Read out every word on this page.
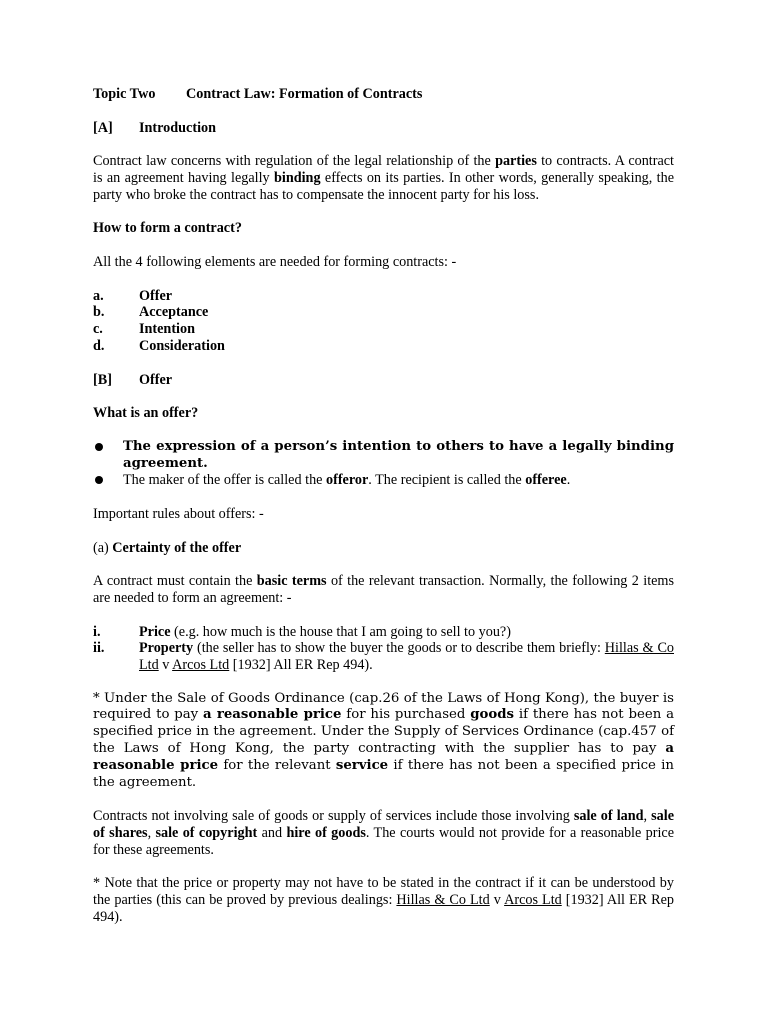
Topic Two Contract Law: Formation of Contracts

[A]	Introduction

Contract law concerns with regulation of the legal relationship of the parties to contracts. A contract is an agreement having legally binding effects on its parties. In other words, generally speaking, the party who broke the contract has to compensate the innocent party for his loss.

How to form a contract?

All the 4 following elements are needed for forming contracts: -

a.	Offer
b.	Acceptance
c.	Intention
d.	Consideration
[B]	Offer

What is an offer?

The expression of a person’s intention to others to have a legally binding agreement.
The maker of the offer is called the offeror. The recipient is called the offeree.

Important rules about offers: -

(a) Certainty of the offer

A contract must contain the basic terms of the relevant transaction. Normally, the following 2 items are needed to form an agreement: -

i.	Price (e.g. how much is the house that I am going to sell to you?)
ii.	Property (the seller has to show the buyer the goods or to describe them briefly: Hillas & Co Ltd v Arcos Ltd [1932] All ER Rep 494).

* Under the Sale of Goods Ordinance (cap.26 of the Laws of Hong Kong), the buyer is required to pay a reasonable price for his purchased goods if there has not been a specified price in the agreement. Under the Supply of Services Ordinance (cap.457 of the Laws of Hong Kong, the party contracting with the supplier has to pay a reasonable price for the relevant service if there has not been a specified price in the agreement.

Contracts not involving sale of goods or supply of services include those involving sale of land, sale of shares, sale of copyright and hire of goods. The courts would not provide for a reasonable price for these agreements.

* Note that the price or property may not have to be stated in the contract if it can be understood by the parties (this can be proved by previous dealings: Hillas & Co Ltd v Arcos Ltd [1932] All ER Rep 494).
